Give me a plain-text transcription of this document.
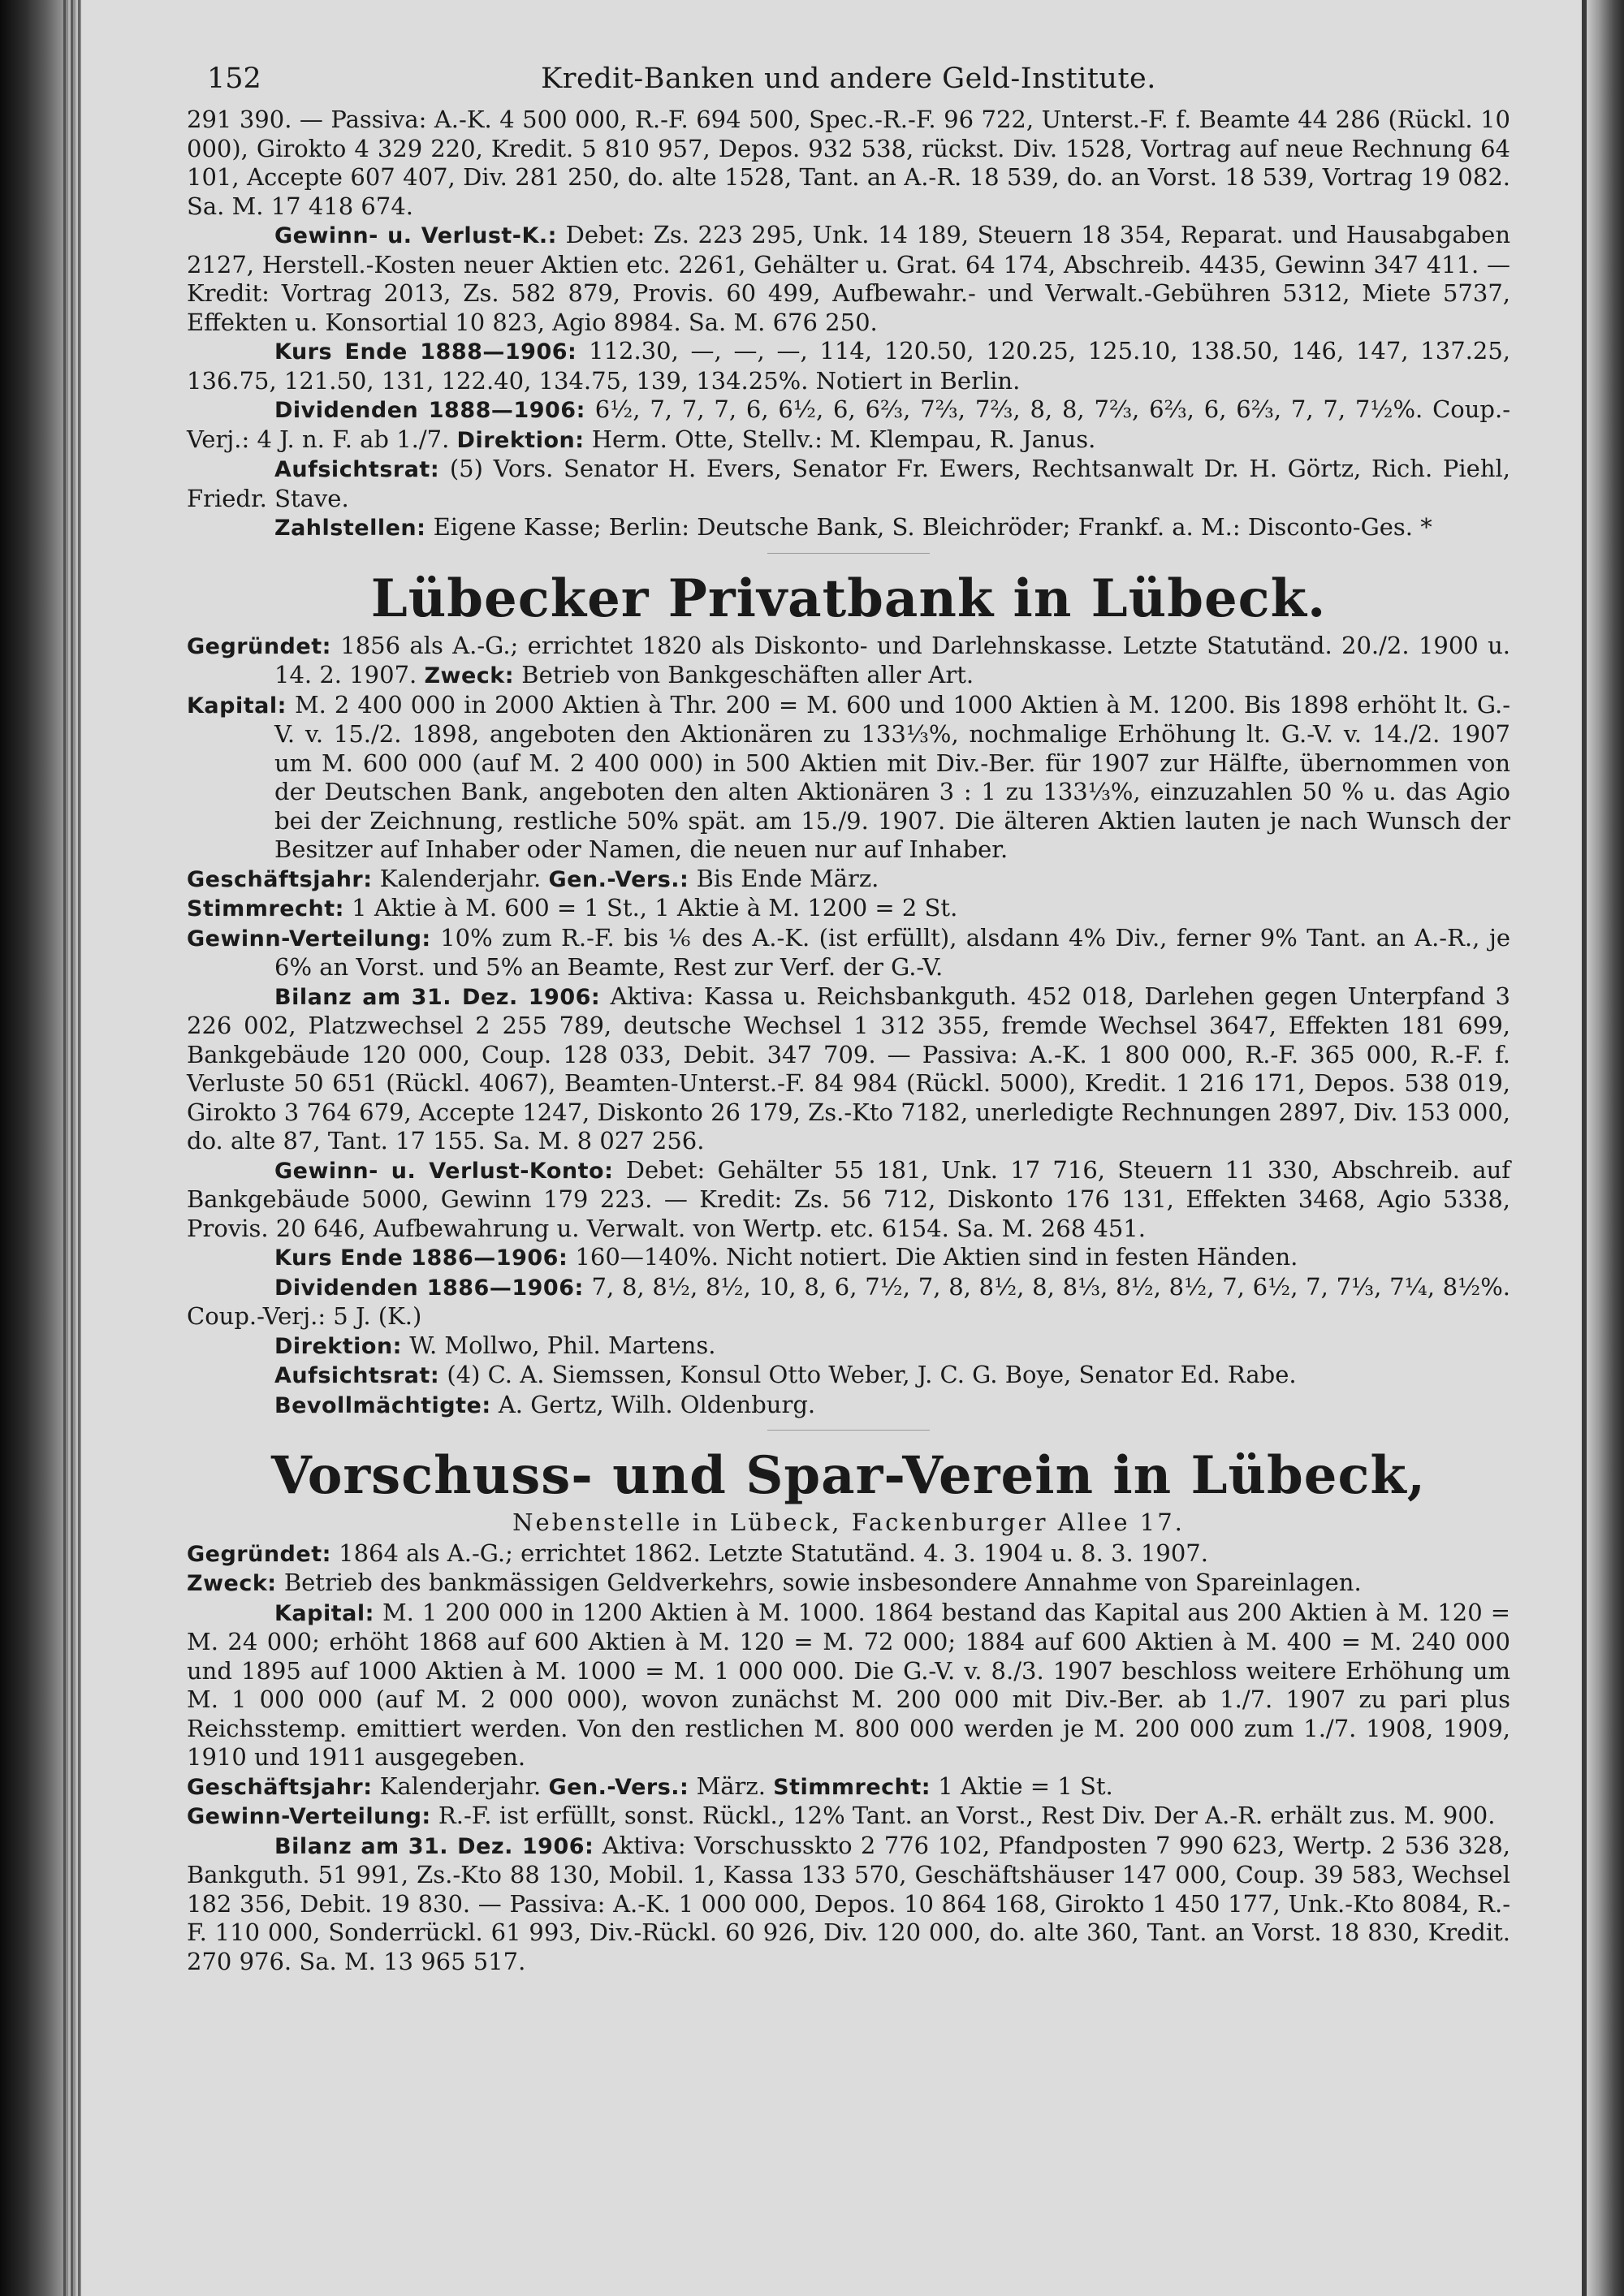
152	Kredit-Banken und andere Geld-Institute.

291 390. — Passiva: A.-K. 4 500 000, R.-F. 694 500, Spec.-R.-F. 96 722, Unterst.-F. f. Beamte 44 286 (Rückl. 10 000), Girokto 4 329 220, Kredit. 5 810 957, Depos. 932 538, rückst. Div. 1528, Vortrag auf neue Rechnung 64 101, Accepte 607 407, Div. 281 250, do. alte 1528, Tant. an A.-R. 18 539, do. an Vorst. 18 539, Vortrag 19 082. Sa. M. 17 418 674.

Gewinn- u. Verlust-K.: Debet: Zs. 223 295, Unk. 14 189, Steuern 18 354, Reparat. und Hausabgaben 2127, Herstell.-Kosten neuer Aktien etc. 2261, Gehälter u. Grat. 64 174, Abschreib. 4435, Gewinn 347 411. — Kredit: Vortrag 2013, Zs. 582 879, Provis. 60 499, Aufbewahr.- und Verwalt.-Gebühren 5312, Miete 5737, Effekten u. Konsortial 10 823, Agio 8984. Sa. M. 676 250.

Kurs Ende 1888—1906: 112.30, —, —, —, 114, 120.50, 120.25, 125.10, 138.50, 146, 147, 137.25, 136.75, 121.50, 131, 122.40, 134.75, 139, 134.25%. Notiert in Berlin.

Dividenden 1888—1906: 6½, 7, 7, 7, 6, 6½, 6, 6⅔, 7⅔, 7⅔, 8, 8, 7⅔, 6⅔, 6, 6⅔, 7, 7, 7½%. Coup.-Verj.: 4 J. n. F. ab 1./7. Direktion: Herm. Otte, Stellv.: M. Klempau, R. Janus.

Aufsichtsrat: (5) Vors. Senator H. Evers, Senator Fr. Ewers, Rechtsanwalt Dr. H. Görtz, Rich. Piehl, Friedr. Stave.

Zahlstellen: Eigene Kasse; Berlin: Deutsche Bank, S. Bleichröder; Frankf. a. M.: Disconto-Ges. *

Lübecker Privatbank in Lübeck.

Gegründet: 1856 als A.-G.; errichtet 1820 als Diskonto- und Darlehnskasse. Letzte Statutänd. 20./2. 1900 u. 14. 2. 1907. Zweck: Betrieb von Bankgeschäften aller Art.

Kapital: M. 2 400 000 in 2000 Aktien à Thr. 200 = M. 600 und 1000 Aktien à M. 1200. Bis 1898 erhöht lt. G.-V. v. 15./2. 1898, angeboten den Aktionären zu 133⅓%, nochmalige Erhöhung lt. G.-V. v. 14./2. 1907 um M. 600 000 (auf M. 2 400 000) in 500 Aktien mit Div.-Ber. für 1907 zur Hälfte, übernommen von der Deutschen Bank, angeboten den alten Aktionären 3 : 1 zu 133⅓%, einzuzahlen 50 % u. das Agio bei der Zeichnung, restliche 50% spät. am 15./9. 1907. Die älteren Aktien lauten je nach Wunsch der Besitzer auf Inhaber oder Namen, die neuen nur auf Inhaber.

Geschäftsjahr: Kalenderjahr. Gen.-Vers.: Bis Ende März.

Stimmrecht: 1 Aktie à M. 600 = 1 St., 1 Aktie à M. 1200 = 2 St.

Gewinn-Verteilung: 10% zum R.-F. bis ⅙ des A.-K. (ist erfüllt), alsdann 4% Div., ferner 9% Tant. an A.-R., je 6% an Vorst. und 5% an Beamte, Rest zur Verf. der G.-V.

Bilanz am 31. Dez. 1906: Aktiva: Kassa u. Reichsbankguth. 452 018, Darlehen gegen Unterpfand 3 226 002, Platzwechsel 2 255 789, deutsche Wechsel 1 312 355, fremde Wechsel 3647, Effekten 181 699, Bankgebäude 120 000, Coup. 128 033, Debit. 347 709. — Passiva: A.-K. 1 800 000, R.-F. 365 000, R.-F. f. Verluste 50 651 (Rückl. 4067), Beamten-Unterst.-F. 84 984 (Rückl. 5000), Kredit. 1 216 171, Depos. 538 019, Girokto 3 764 679, Accepte 1247, Diskonto 26 179, Zs.-Kto 7182, unerledigte Rechnungen 2897, Div. 153 000, do. alte 87, Tant. 17 155. Sa. M. 8 027 256.

Gewinn- u. Verlust-Konto: Debet: Gehälter 55 181, Unk. 17 716, Steuern 11 330, Abschreib. auf Bankgebäude 5000, Gewinn 179 223. — Kredit: Zs. 56 712, Diskonto 176 131, Effekten 3468, Agio 5338, Provis. 20 646, Aufbewahrung u. Verwalt. von Wertp. etc. 6154. Sa. M. 268 451.

Kurs Ende 1886—1906: 160—140%. Nicht notiert. Die Aktien sind in festen Händen.

Dividenden 1886—1906: 7, 8, 8½, 8½, 10, 8, 6, 7½, 7, 8, 8½, 8, 8⅓, 8½, 8½, 7, 6½, 7, 7⅓, 7¼, 8½%. Coup.-Verj.: 5 J. (K.)

Direktion: W. Mollwo, Phil. Martens.

Aufsichtsrat: (4) C. A. Siemssen, Konsul Otto Weber, J. C. G. Boye, Senator Ed. Rabe.

Bevollmächtigte: A. Gertz, Wilh. Oldenburg.

Vorschuss- und Spar-Verein in Lübeck,
Nebenstelle in Lübeck, Fackenburger Allee 17.

Gegründet: 1864 als A.-G.; errichtet 1862. Letzte Statutänd. 4. 3. 1904 u. 8. 3. 1907.

Zweck: Betrieb des bankmässigen Geldverkehrs, sowie insbesondere Annahme von Spareinlagen.

Kapital: M. 1 200 000 in 1200 Aktien à M. 1000. 1864 bestand das Kapital aus 200 Aktien à M. 120 = M. 24 000; erhöht 1868 auf 600 Aktien à M. 120 = M. 72 000; 1884 auf 600 Aktien à M. 400 = M. 240 000 und 1895 auf 1000 Aktien à M. 1000 = M. 1 000 000. Die G.-V. v. 8./3. 1907 beschloss weitere Erhöhung um M. 1 000 000 (auf M. 2 000 000), wovon zunächst M. 200 000 mit Div.-Ber. ab 1./7. 1907 zu pari plus Reichsstemp. emittiert werden. Von den restlichen M. 800 000 werden je M. 200 000 zum 1./7. 1908, 1909, 1910 und 1911 ausgegeben.

Geschäftsjahr: Kalenderjahr. Gen.-Vers.: März. Stimmrecht: 1 Aktie = 1 St.

Gewinn-Verteilung: R.-F. ist erfüllt, sonst. Rückl., 12% Tant. an Vorst., Rest Div. Der A.-R. erhält zus. M. 900.

Bilanz am 31. Dez. 1906: Aktiva: Vorschusskto 2 776 102, Pfandposten 7 990 623, Wertp. 2 536 328, Bankguth. 51 991, Zs.-Kto 88 130, Mobil. 1, Kassa 133 570, Geschäftshäuser 147 000, Coup. 39 583, Wechsel 182 356, Debit. 19 830. — Passiva: A.-K. 1 000 000, Depos. 10 864 168, Girokto 1 450 177, Unk.-Kto 8084, R.-F. 110 000, Sonderrückl. 61 993, Div.-Rückl. 60 926, Div. 120 000, do. alte 360, Tant. an Vorst. 18 830, Kredit. 270 976. Sa. M. 13 965 517.
